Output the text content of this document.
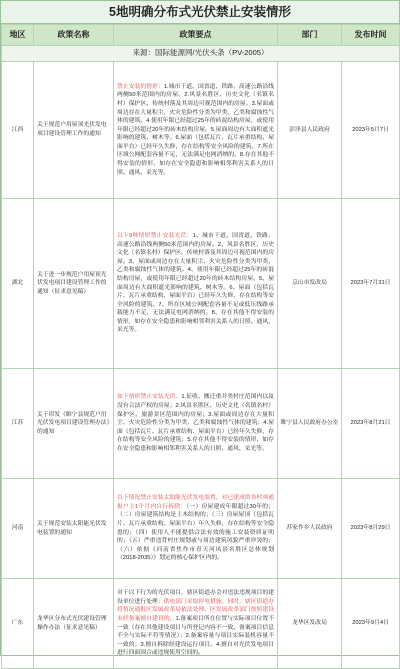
5地明确分布式光伏禁止安装情形
地区	政策名称	政策要点	部门	发布时间
来源：国际能源网/光伏头条（PV-2005）				
江西	关于规范户用屋顶光伏发电项目建设管理工作的通知	禁止安装的情形：1.城市干道、国省道、铁路、高速公路沿线两侧50米范围内的房屋。2.风景名胜区、历史文化（名镇名村）保护区、传统村落及其周边可视范围内的房屋。3.屋面或周边存在大量积尘、火灾危险性分类为甲类、乙类和腐蚀性气体的建筑。4.使用年限已经超过25年的砖混结构房屋，或使用年限已经超过20年的砖木结构房屋。5.屋面周边有大面积遮光影响的建筑、树木等。6.屋面（包括瓦片、瓦片承重结构、屋面平台）已经年久失修，存在结构等安全风险的建筑。7.所在区域公网配套容量不足，无法满足电网消纳的。8.存在其他不得安装的情形，如存在安全隐患和影响相邻利害关系人的日照、通风、采光等。	彭泽县人民政府	2023年5月7日
湖北	关于进一步规范户用屋顶光伏发电项目建设管理工作的通知（征求意见稿）	以下8种情形禁止安装光伏：1、城市干道、国省道、铁路、高速公路沿线两侧50米范围内的房屋。2、风景名胜区、历史文化（名镇名村）保护区、传统村落及其周边可视范围内的房屋。3、屋面或周边存在大量积尘、火灾危险性分类为甲类、乙类和腐蚀性气体的建筑。4、使用年限已经超过25年的砖混结构房屋，或使用年限已经超过20年的砖木结构房屋。5、屋面周边有大面积遮光影响的建筑、树木等。6、屋面（包括瓦片、瓦片承重结构、屋面平台）已经年久失修，存在结构等安全风险的建筑。7、所在区域公网配套容量不足或低压线路承载能力不足，无法满足电网消纳的。8、存在其他不得安装的情形，如存在安全隐患和影响相邻利害关系人的日照、通风、采光等。	京山市发改局	2023年7月31日
江苏	关于印发《睢宁县规范户用光伏发电项目建设管理办法》的通知	如下情形禁止安装光伏：1.征收、搬迁重并类村庄范围内以及没有合法产权的房屋；2.风景名胜区、历史文化（名镇名村）保护区、旅游景区范围内的房屋；3.屋面或周边存在大量积尘、火灾危险性分类为甲类、乙类和腐蚀性气体的建筑；4.屋面（包括瓦片、瓦片承重结构、屋面平台）已经年久失修，存在结构等安全风险的建筑；5.存在其他不得安装的情形，如存在安全隐患和影响相邻利害关系人的日照、通风、采光等。	睢宁县人民政府办公室	2023年8月21日
河南	关于规范安装太阳能光伏发电装置的通知	以下情况禁止安装太阳能光伏发电装置，对已建成的各村须通报户主1个月内自行拆除：（一）房屋建成年限超过30年的；（二）房屋建筑结构是土木结构的；（三）房屋屋顶（包括瓦片、瓦片承重结构、屋面平台）年久失修，存在结构等安全隐患的；（四）使用人不能提供合法有效的施工安装资质证明的；（五）严重违背村庄规划或与周边建筑风貌严重冲突的；（六）依据《河南省焦作市青天河风景名胜区总体规划（2018-2035）》划定的核心保护区内的。	苏家作乡人民政府	2023年8月29日
广东	龙华区分布式光伏建设管理操作办法（征求意见稿）	对于以下行为的光伏项目，辖区街道办会对违法违规项目的建设单位进行处理：供电部门采取停电措施。同时，辖区街道办将情况通报区发展改革局依法处理。区发展改革部门按照建设未经备案擅自建设的，1.备案项目所在位置与实际项目位置不一致（存在其他建设项目与所登记内容不一致、备案项目信息不全与实际不符等情况）；2.备案容量与项目实际装机容量不一致的；3.擅自拆除经建设运行项目、4.擅自对光伏发电项目进行四面围合或违规使用空间的。	龙华区发改局	2023年9月4日
